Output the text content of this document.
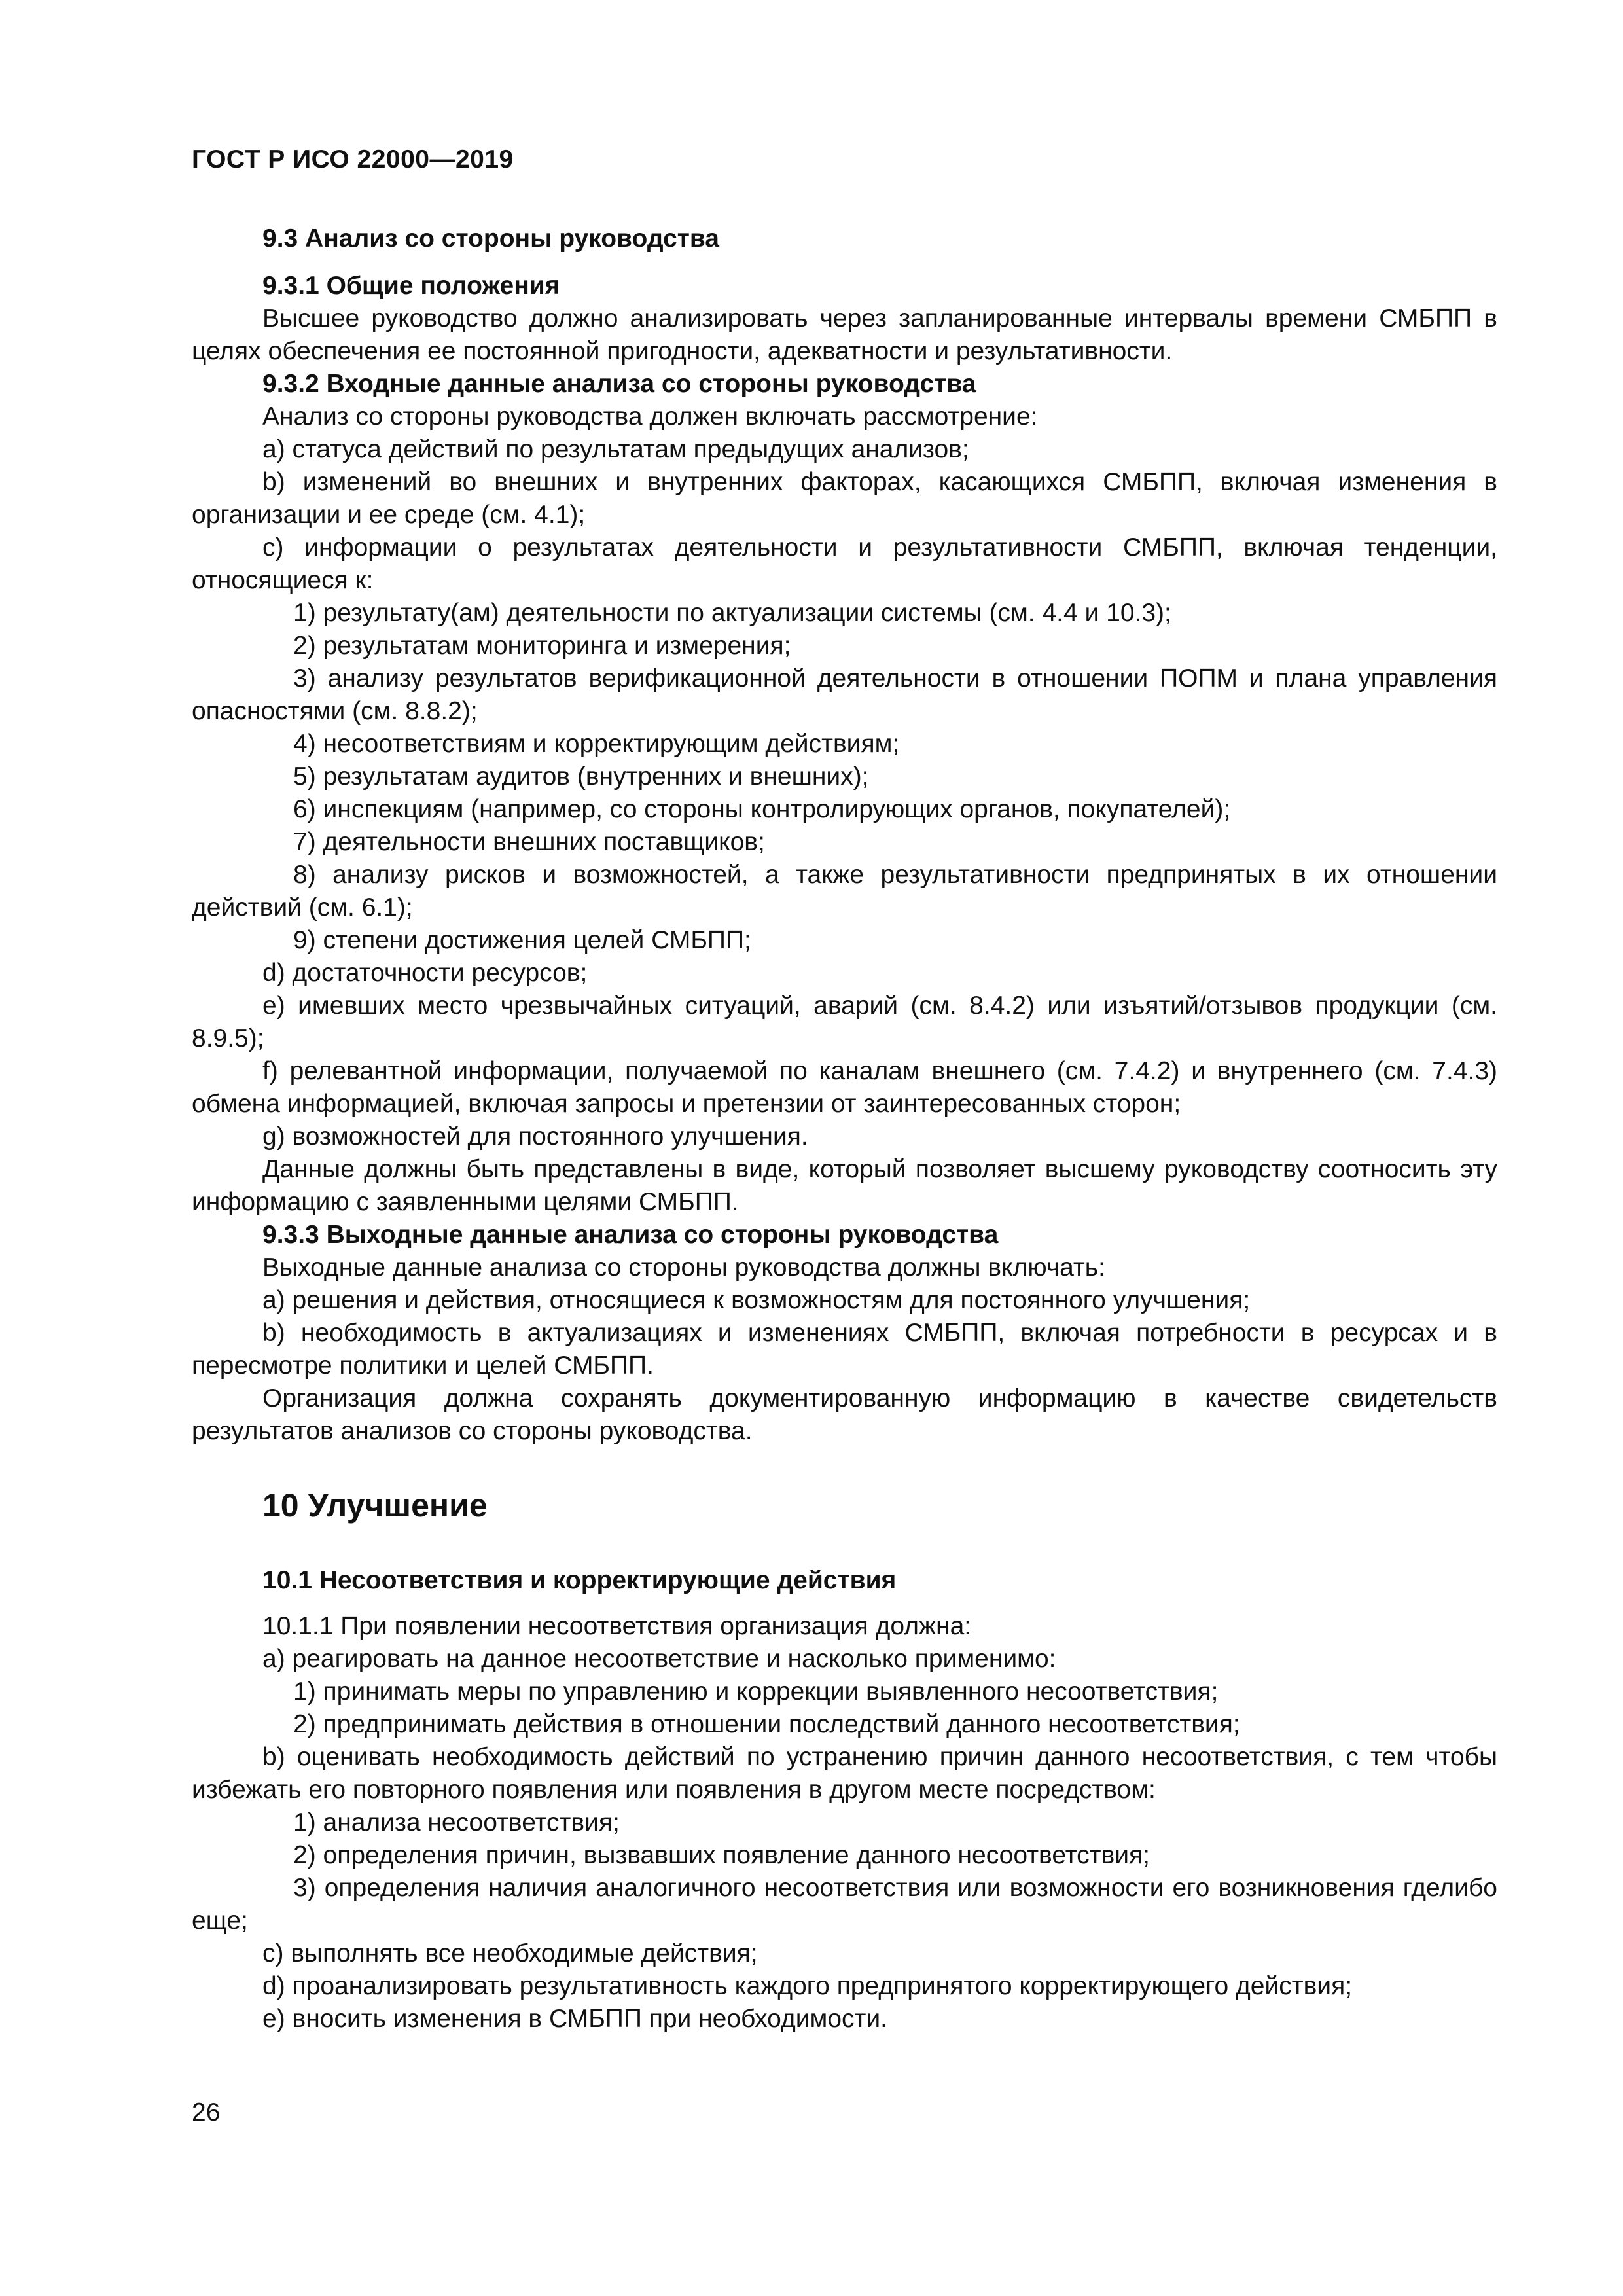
ГОСТ Р ИСО 22000—2019

9.3 Анализ со стороны руководства

9.3.1 Общие положения

Высшее руководство должно анализировать через запланированные интервалы времени СМБПП в целях обеспечения ее постоянной пригодности, адекватности и результативности.

9.3.2 Входные данные анализа со стороны руководства

Анализ со стороны руководства должен включать рассмотрение:

а) статуса действий по результатам предыдущих анализов;

b) изменений во внешних и внутренних факторах, касающихся СМБПП, включая изменения в организации и ее среде (см. 4.1);

с) информации о результатах деятельности и результативности СМБПП, включая тенденции, относящиеся к:

1) результату(ам) деятельности по актуализации системы (см. 4.4 и 10.3);

2) результатам мониторинга и измерения;

3) анализу результатов верификационной деятельности в отношении ПОПМ и плана управления опасностями (см. 8.8.2);

4) несоответствиям и корректирующим действиям;

5) результатам аудитов (внутренних и внешних);

6) инспекциям (например, со стороны контролирующих органов, покупателей);

7) деятельности внешних поставщиков;

8) анализу рисков и возможностей, а также результативности предпринятых в их отношении действий (см. 6.1);

9) степени достижения целей СМБПП;

d) достаточности ресурсов;

е) имевших место чрезвычайных ситуаций, аварий (см. 8.4.2) или изъятий/отзывов продукции (см. 8.9.5);

f) релевантной информации, получаемой по каналам внешнего (см. 7.4.2) и внутреннего (см. 7.4.3) обмена информацией, включая запросы и претензии от заинтересованных сторон;

g) возможностей для постоянного улучшения.

Данные должны быть представлены в виде, который позволяет высшему руководству соотносить эту информацию с заявленными целями СМБПП.

9.3.3 Выходные данные анализа со стороны руководства

Выходные данные анализа со стороны руководства должны включать:

а) решения и действия, относящиеся к возможностям для постоянного улучшения;

b) необходимость в актуализациях и изменениях СМБПП, включая потребности в ресурсах и в пересмотре политики и целей СМБПП.

Организация должна сохранять документированную информацию в качестве свидетельств результатов анализов со стороны руководства.

10 Улучшение

10.1 Несоответствия и корректирующие действия

10.1.1 При появлении несоответствия организация должна:

а) реагировать на данное несоответствие и насколько применимо:

1) принимать меры по управлению и коррекции выявленного несоответствия;

2) предпринимать действия в отношении последствий данного несоответствия;

b) оценивать необходимость действий по устранению причин данного несоответствия, с тем чтобы избежать его повторного появления или появления в другом месте посредством:

1) анализа несоответствия;

2) определения причин, вызвавших появление данного несоответствия;

3) определения наличия аналогичного несоответствия или возможности его возникновения гделибо еще;

с) выполнять все необходимые действия;

d) проанализировать результативность каждого предпринятого корректирующего действия;

е) вносить изменения в СМБПП при необходимости.

26
